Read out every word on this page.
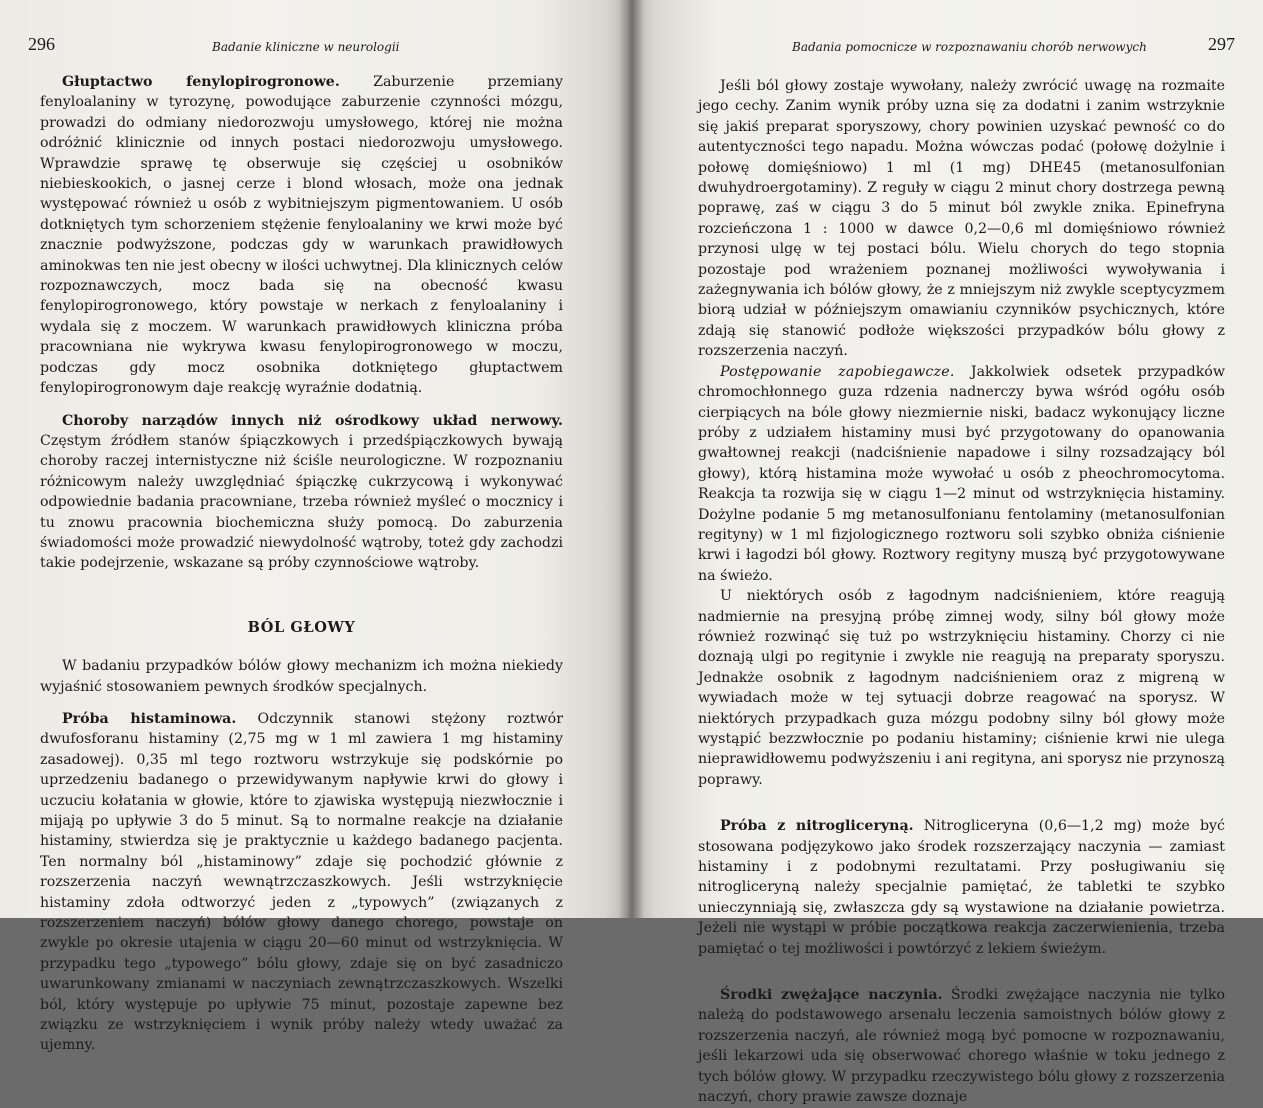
296	Badanie kliniczne w neurologii

Głuptactwo fenylopirogronowe. Zaburzenie przemiany fenyloalaniny w tyrozynę, powodujące zaburzenie czynności mózgu, prowadzi do odmiany niedorozwoju umysłowego, której nie można odróżnić klinicznie od innych postaci niedorozwoju umysłowego. Wprawdzie sprawę tę obserwuje się częściej u osobników niebieskookich, o jasnej cerze i blond włosach, może ona jednak występować również u osób z wybitniejszym pigmentowaniem. U osób dotkniętych tym schorzeniem stężenie fenyloalaniny we krwi może być znacznie podwyższone, podczas gdy w warunkach prawidłowych aminokwas ten nie jest obecny w ilości uchwytnej. Dla klinicznych celów rozpoznawczych, mocz bada się na obecność kwasu fenylopirogronowego, który powstaje w nerkach z fenyloalaniny i wydala się z moczem. W warunkach prawidłowych kliniczna próba pracowniana nie wykrywa kwasu fenylopirogronowego w moczu, podczas gdy mocz osobnika dotkniętego głuptactwem fenylopirogronowym daje reakcję wyraźnie dodatnią.

Choroby narządów innych niż ośrodkowy układ nerwowy. Częstym źródłem stanów śpiączkowych i przedśpiączkowych bywają choroby raczej internistyczne niż ściśle neurologiczne. W rozpoznaniu różnicowym należy uwzględniać śpiączkę cukrzycową i wykonywać odpowiednie badania pracowniane, trzeba również myśleć o mocznicy i tu znowu pracownia biochemiczna służy pomocą. Do zaburzenia świadomości może prowadzić niewydolność wątroby, toteż gdy zachodzi takie podejrzenie, wskazane są próby czynnościowe wątroby.

BÓL GŁOWY

W badaniu przypadków bólów głowy mechanizm ich można niekiedy wyjaśnić stosowaniem pewnych środków specjalnych.

Próba histaminowa. Odczynnik stanowi stężony roztwór dwufosforanu histaminy (2,75 mg w 1 ml zawiera 1 mg histaminy zasadowej). 0,35 ml tego roztworu wstrzykuje się podskórnie po uprzedzeniu badanego o przewidywanym napływie krwi do głowy i uczuciu kołatania w głowie, które to zjawiska występują niezwłocznie i mijają po upływie 3 do 5 minut. Są to normalne reakcje na działanie histaminy, stwierdza się je praktycznie u każdego badanego pacjenta. Ten normalny ból „histaminowy” zdaje się pochodzić głównie z rozszerzenia naczyń wewnątrzczaszkowych. Jeśli wstrzyknięcie histaminy zdoła odtworzyć jeden z „typowych” (związanych z rozszerzeniem naczyń) bólów głowy danego chorego, powstaje on zwykle po okresie utajenia w ciągu 20—60 minut od wstrzyknięcia. W przypadku tego „typowego” bólu głowy, zdaje się on być zasadniczo uwarunkowany zmianami w naczyniach zewnątrzczaszkowych. Wszelki ból, który występuje po upływie 75 minut, pozostaje zapewne bez związku ze wstrzyknięciem i wynik próby należy wtedy uważać za ujemny.

Badania pomocnicze w rozpoznawaniu chorób nerwowych	297

Jeśli ból głowy zostaje wywołany, należy zwrócić uwagę na rozmaite jego cechy. Zanim wynik próby uzna się za dodatni i zanim wstrzyknie się jakiś preparat sporyszowy, chory powinien uzyskać pewność co do autentyczności tego napadu. Można wówczas podać (połowę dożylnie i połowę domięśniowo) 1 ml (1 mg) DHE45 (metanosulfonian dwuhydroergotaminy). Z reguły w ciągu 2 minut chory dostrzega pewną poprawę, zaś w ciągu 3 do 5 minut ból zwykle znika. Epinefryna rozcieńczona 1 : 1000 w dawce 0,2—0,6 ml domięśniowo również przynosi ulgę w tej postaci bólu. Wielu chorych do tego stopnia pozostaje pod wrażeniem poznanej możliwości wywoływania i zażegnywania ich bólów głowy, że z mniejszym niż zwykle sceptycyzmem biorą udział w późniejszym omawianiu czynników psychicznych, które zdają się stanowić podłoże większości przypadków bólu głowy z rozszerzenia naczyń.

Postępowanie zapobiegawcze. Jakkolwiek odsetek przypadków chromochłonnego guza rdzenia nadnerczy bywa wśród ogółu osób cierpiących na bóle głowy niezmiernie niski, badacz wykonujący liczne próby z udziałem histaminy musi być przygotowany do opanowania gwałtownej reakcji (nadciśnienie napadowe i silny rozsadzający ból głowy), którą histamina może wywołać u osób z pheochromocytoma. Reakcja ta rozwija się w ciągu 1—2 minut od wstrzyknięcia histaminy. Dożylne podanie 5 mg metanosulfonianu fentolaminy (metanosulfonian regityny) w 1 ml fizjologicznego roztworu soli szybko obniża ciśnienie krwi i łagodzi ból głowy. Roztwory regityny muszą być przygotowywane na świeżo.

U niektórych osób z łagodnym nadciśnieniem, które reagują nadmiernie na presyjną próbę zimnej wody, silny ból głowy może również rozwinąć się tuż po wstrzyknięciu histaminy. Chorzy ci nie doznają ulgi po regitynie i zwykle nie reagują na preparaty sporyszu. Jednakże osobnik z łagodnym nadciśnieniem oraz z migreną w wywiadach może w tej sytuacji dobrze reagować na sporysz. W niektórych przypadkach guza mózgu podobny silny ból głowy może wystąpić bezzwłocznie po podaniu histaminy; ciśnienie krwi nie ulega nieprawidłowemu podwyższeniu i ani regityna, ani sporysz nie przynoszą poprawy.

Próba z nitrogliceryną. Nitrogliceryna (0,6—1,2 mg) może być stosowana podjęzykowo jako środek rozszerzający naczynia — zamiast histaminy i z podobnymi rezultatami. Przy posługiwaniu się nitrogliceryną należy specjalnie pamiętać, że tabletki te szybko unieczynniają się, zwłaszcza gdy są wystawione na działanie powietrza. Jeżeli nie wystąpi w próbie początkowa reakcja zaczerwienienia, trzeba pamiętać o tej możliwości i powtórzyć z lekiem świeżym.

Środki zwężające naczynia. Środki zwężające naczynia nie tylko należą do podstawowego arsenału leczenia samoistnych bólów głowy z rozszerzenia naczyń, ale również mogą być pomocne w rozpoznawaniu, jeśli lekarzowi uda się obserwować chorego właśnie w toku jednego z tych bólów głowy. W przypadku rzeczywistego bólu głowy z rozszerzenia naczyń, chory prawie zawsze doznaje
